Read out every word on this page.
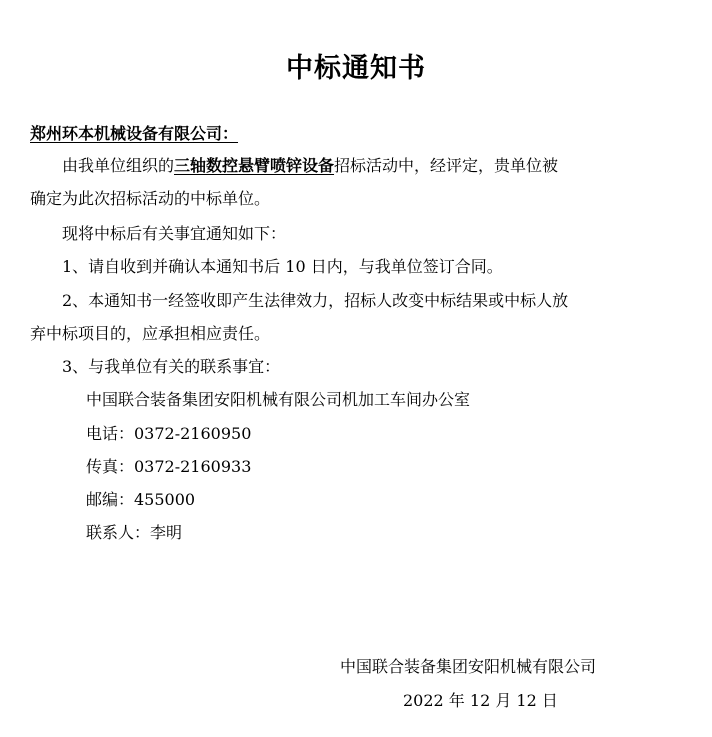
中标通知书
郑州环本机械设备有限公司：
由我单位组织的三轴数控悬臂喷锌设备招标活动中，经评定，贵单位被
确定为此次招标活动的中标单位。
现将中标后有关事宜通知如下：
1、请自收到并确认本通知书后 10 日内，与我单位签订合同。
2、本通知书一经签收即产生法律效力，招标人改变中标结果或中标人放
弃中标项目的，应承担相应责任。
3、与我单位有关的联系事宜：
中国联合装备集团安阳机械有限公司机加工车间办公室
电话：0372-2160950
传真：0372-2160933
邮编：455000
联系人：李明
中国联合装备集团安阳机械有限公司
2022 年 12 月 12 日
